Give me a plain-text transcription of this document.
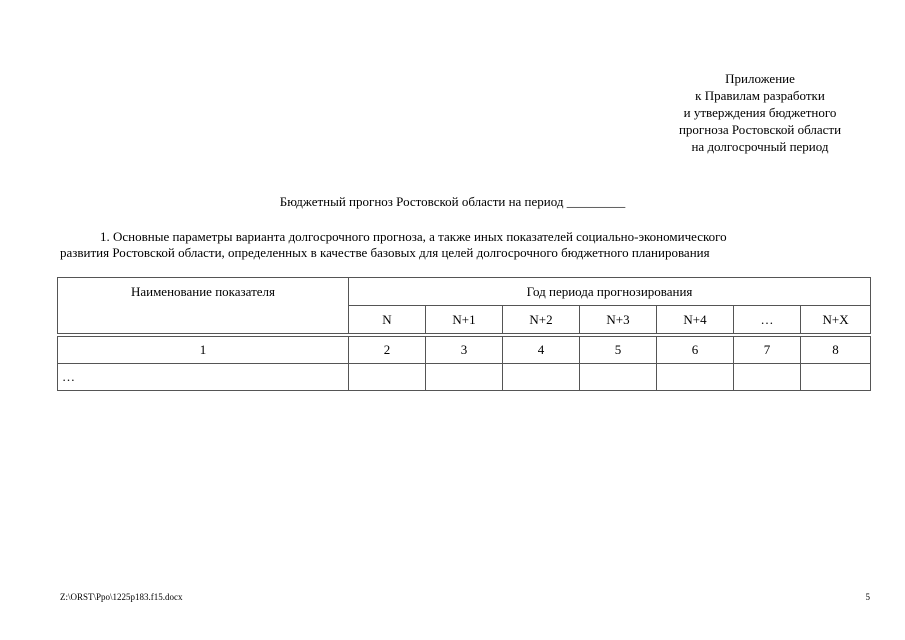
Приложение
к Правилам разработки
и утверждения бюджетного
прогноза Ростовской области
на долгосрочный период
Бюджетный прогноз Ростовской области на период _________
1. Основные параметры варианта долгосрочного прогноза, а также иных показателей социально-экономического
развития Ростовской области, определенных в качестве базовых для целей долгосрочного бюджетного планирования
Наименование показателя	Год периода прогнозирования						
	N	N+1	N+2	N+3	N+4	…	N+X

1	2	3	4	5	6	7	8
…							
Z:\ORST\Ppo\1225p183.f15.docx	5
